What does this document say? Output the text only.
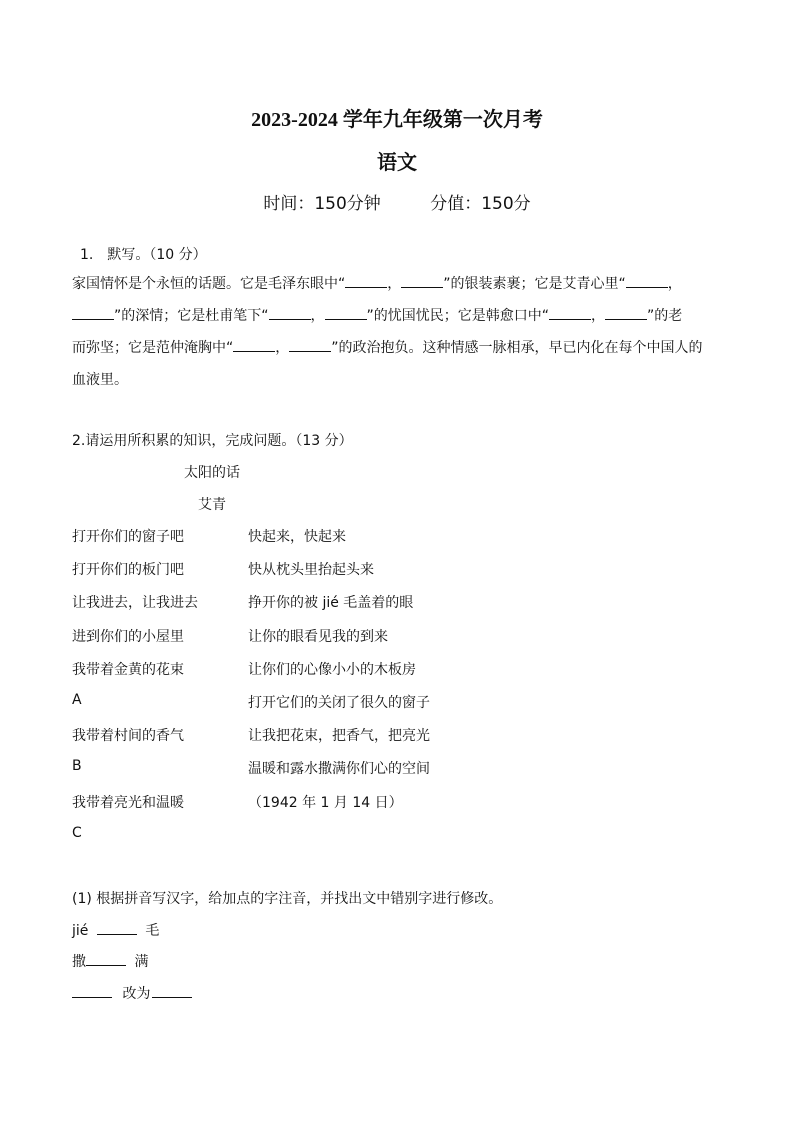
2023-2024 学年九年级第一次月考
语文
时间：150分钟	分值：150分
1. 默写。（10 分）
家国情怀是个永恒的话题。它是毛泽东眼中“	，	”的银装素裹；它是艾青心里“	，
”的深情；它是杜甫笔下“	，	”的忧国忧民；它是韩愈口中“	，	”的老
而弥坚；它是范仲淹胸中“	，	”的政治抱负。这种情感一脉相承，早已内化在每个中国人的
血液里。
2.请运用所积累的知识，完成问题。（13 分）
太阳的话
艾青
打开你们的窗子吧	快起来，快起来
打开你们的板门吧	快从枕头里抬起头来
让我进去，让我进去	挣开你的被 jié 毛盖着的眼
进到你们的小屋里	让你的眼看见我的到来
我带着金黄的花束	让你们的心像小小的木板房
A	打开它们的关闭了很久的窗子
我带着村间的香气	让我把花束，把香气，把亮光
B	温暖和露水撒满你们心的空间
我带着亮光和温暖	（1942 年 1 月 14 日）
C
(1) 根据拼音写汉字，给加点的字注音，并找出文中错别字进行修改。
jié	毛
撒	满
改为
